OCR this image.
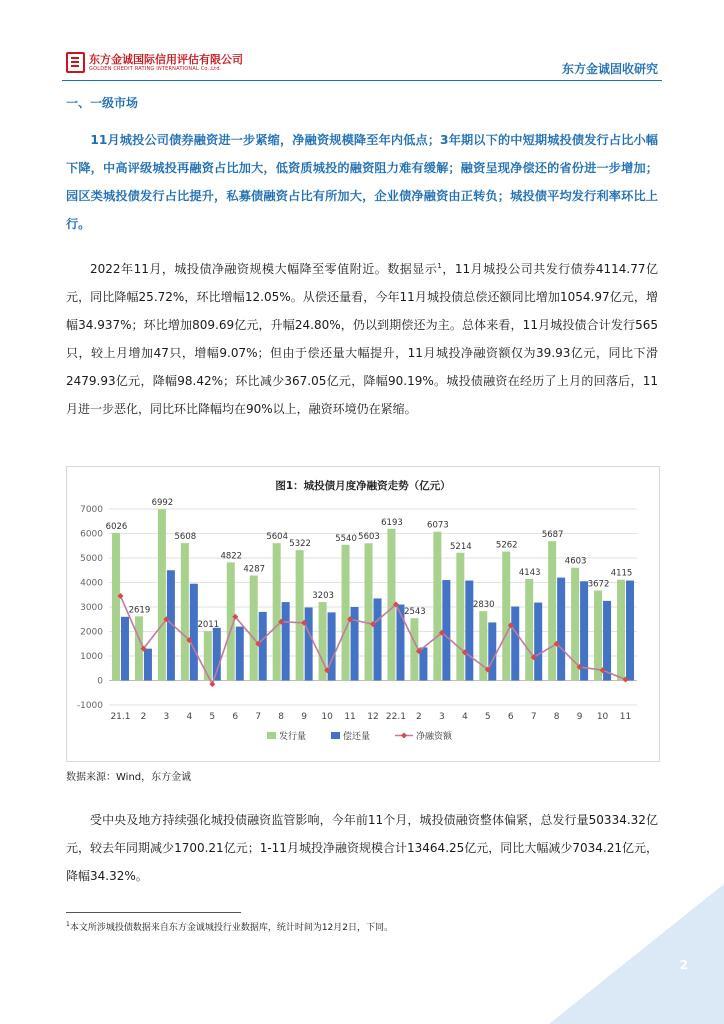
东方金诚国际信用评估有限公司
GOLDEN CREDIT RATING INTERNATIONAL Co.,Ltd.	东方金诚固收研究
一、一级市场
11月城投公司债券融资进一步紧缩，净融资规模降至年内低点；3年期以下的中短期城投债发行占比小幅下降，中高评级城投再融资占比加大，低资质城投的融资阻力难有缓解；融资呈现净偿还的省份进一步增加；园区类城投债发行占比提升，私募债融资占比有所加大，企业债净融资由正转负；城投债平均发行利率环比上行。
2022年11月，城投债净融资规模大幅降至零值附近。数据显示$^1$，11月城投公司共发行债券4114.77亿元，同比降幅25.72%，环比增幅12.05%。从偿还量看，今年11月城投债总偿还额同比增加1054.97亿元，增幅34.937%；环比增加809.69亿元，升幅24.80%，仍以到期偿还为主。总体来看，11月城投债合计发行565只，较上月增加47只，增幅9.07%；但由于偿还量大幅提升，11月城投净融资额仅为39.93亿元，同比下滑2479.93亿元，降幅98.42%；环比减少367.05亿元，降幅90.19%。城投债融资在经历了上月的回落后，11月进一步恶化，同比环比降幅均在90%以上，融资环境仍在紧缩。
图1：城投债月度净融资走势（亿元）
-1000
0
1000
2000
3000
4000
5000
6000
7000
21.1
6026
2
2619
3
6992
4
5608
5
2011
6
4822
7
4287
8
5604
9
5322
10
3203
11
5540
12
5603
22.1
6193
2
2543
3
6073
4
5214
5
2830
6
5262
7
4143
8
5687
9
4603
10
3672
11
4115
发行量	偿还量	净融资额
数据来源：Wind，东方金诚
受中央及地方持续强化城投债融资监管影响，今年前11个月，城投债融资整体偏紧，总发行量50334.32亿元，较去年同期减少1700.21亿元；1-11月城投净融资规模合计13464.25亿元，同比大幅减少7034.21亿元，降幅34.32%。
$^1$本文所涉城投债数据来自东方金诚城投行业数据库，统计时间为12月2日，下同。
2
